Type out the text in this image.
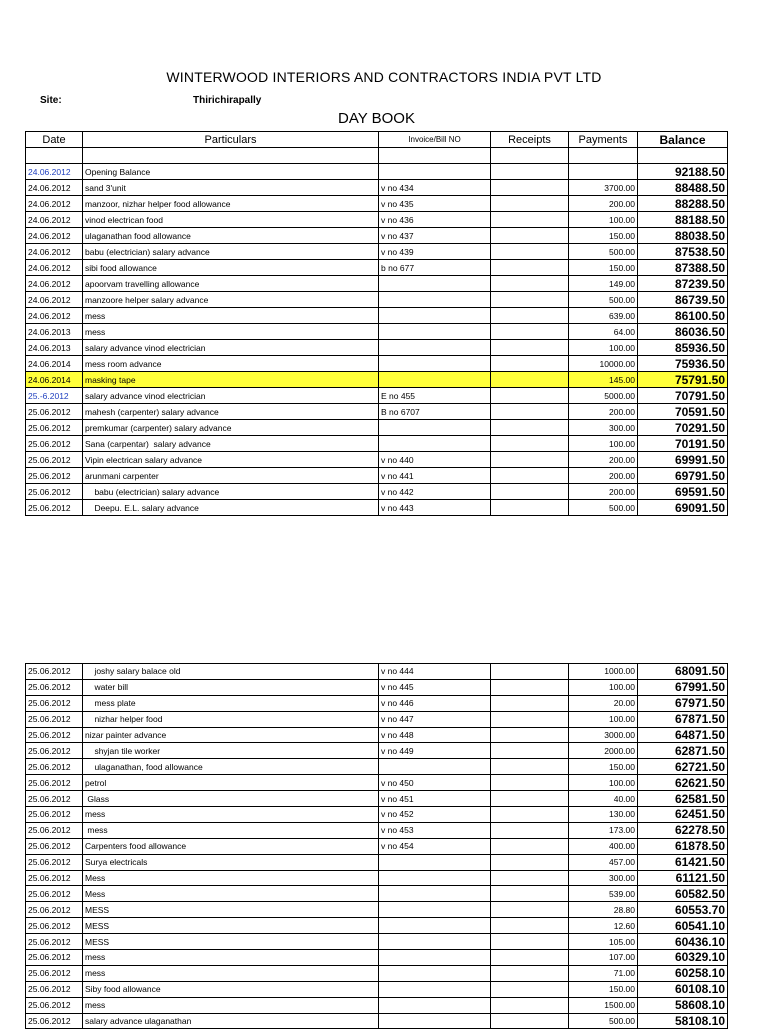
WINTERWOOD INTERIORS AND CONTRACTORS INDIA PVT LTD
Site:	Thirichirapally
DAY BOOK
Date	Particulars	Invoice/Bill NO	Receipts	Payments	Balance

24.06.2012	Opening Balance				92188.50
24.06.2012	sand 3'unit	v no 434		3700.00	88488.50
24.06.2012	manzoor, nizhar helper food allowance	v no 435		200.00	88288.50
24.06.2012	vinod electrican food	v no 436		100.00	88188.50
24.06.2012	ulaganathan food allowance	v no 437		150.00	88038.50
24.06.2012	babu (electrician) salary advance	v no 439		500.00	87538.50
24.06.2012	sibi food allowance	b no 677		150.00	87388.50
24.06.2012	apoorvam travelling allowance			149.00	87239.50
24.06.2012	manzoore helper salary advance			500.00	86739.50
24.06.2012	mess			639.00	86100.50
24.06.2013	mess			64.00	86036.50
24.06.2013	salary advance vinod electrician			100.00	85936.50
24.06.2014	mess room advance			10000.00	75936.50
24.06.2014	masking tape			145.00	75791.50
25.-6.2012	salary advance vinod electrician	E no 455		5000.00	70791.50
25.06.2012	mahesh (carpenter) salary advance	B no 6707		200.00	70591.50
25.06.2012	premkumar (carpenter) salary advance			300.00	70291.50
25.06.2012	Sana (carpentar)  salary advance			100.00	70191.50
25.06.2012	Vipin electrican salary advance	v no 440		200.00	69991.50
25.06.2012	arunmani carpenter	v no 441		200.00	69791.50
25.06.2012	babu (electrician) salary advance	v no 442		200.00	69591.50
25.06.2012	Deepu. E.L. salary advance	v no 443		500.00	69091.50
25.06.2012	joshy salary balace old	v no 444		1000.00	68091.50
25.06.2012	water bill	v no 445		100.00	67991.50
25.06.2012	mess plate	v no 446		20.00	67971.50
25.06.2012	nizhar helper food	v no 447		100.00	67871.50
25.06.2012	nizar painter advance	v no 448		3000.00	64871.50
25.06.2012	shyjan tile worker	v no 449		2000.00	62871.50
25.06.2012	ulaganathan, food allowance			150.00	62721.50
25.06.2012	petrol	v no 450		100.00	62621.50
25.06.2012	Glass	v no 451		40.00	62581.50
25.06.2012	mess	v no 452		130.00	62451.50
25.06.2012	mess	v no 453		173.00	62278.50
25.06.2012	Carpenters food allowance	v no 454		400.00	61878.50
25.06.2012	Surya electricals			457.00	61421.50
25.06.2012	Mess			300.00	61121.50
25.06.2012	Mess			539.00	60582.50
25.06.2012	MESS			28.80	60553.70
25.06.2012	MESS			12.60	60541.10
25.06.2012	MESS			105.00	60436.10
25.06.2012	mess			107.00	60329.10
25.06.2012	mess			71.00	60258.10
25.06.2012	Siby food allowance			150.00	60108.10
25.06.2012	mess			1500.00	58608.10
25.06.2012	salary advance ulaganathan			500.00	58108.10
